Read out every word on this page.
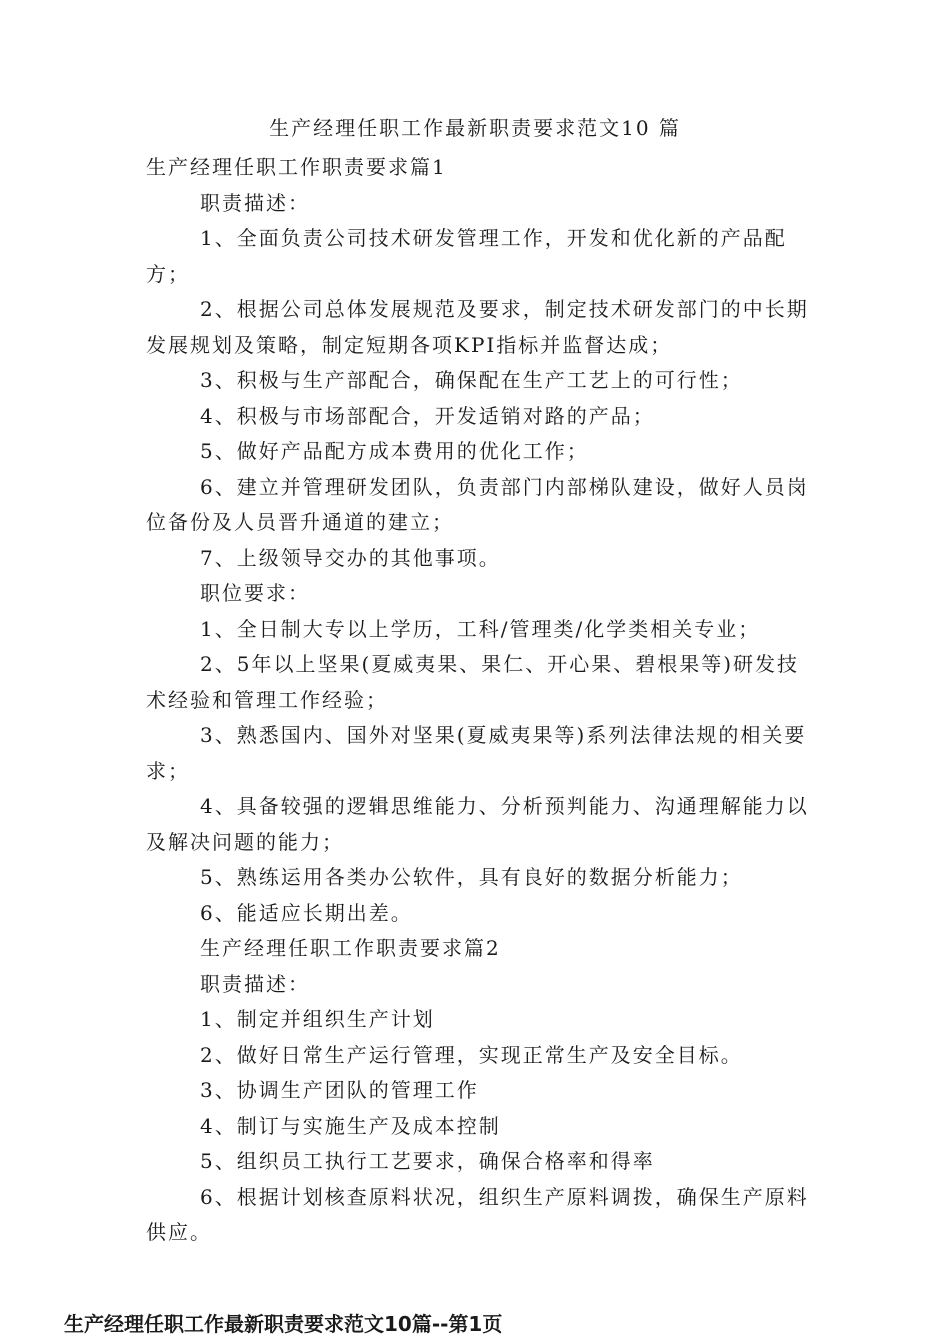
生产经理任职工作最新职责要求范文10 篇

生产经理任职工作职责要求篇1

职责描述：

1、全面负责公司技术研发管理工作，开发和优化新的产品配方；

2、根据公司总体发展规范及要求，制定技术研发部门的中长期发展规划及策略，制定短期各项KPI指标并监督达成；

3、积极与生产部配合，确保配在生产工艺上的可行性；

4、积极与市场部配合，开发适销对路的产品；

5、做好产品配方成本费用的优化工作；

6、建立并管理研发团队，负责部门内部梯队建设，做好人员岗位备份及人员晋升通道的建立；

7、上级领导交办的其他事项。

职位要求：

1、全日制大专以上学历，工科/管理类/化学类相关专业；

2、5年以上坚果(夏威夷果、果仁、开心果、碧根果等)研发技术经验和管理工作经验；

3、熟悉国内、国外对坚果(夏威夷果等)系列法律法规的相关要求；

4、具备较强的逻辑思维能力、分析预判能力、沟通理解能力以及解决问题的能力；

5、熟练运用各类办公软件，具有良好的数据分析能力；

6、能适应长期出差。

生产经理任职工作职责要求篇2

职责描述：

1、制定并组织生产计划

2、做好日常生产运行管理，实现正常生产及安全目标。

3、协调生产团队的管理工作

4、制订与实施生产及成本控制

5、组织员工执行工艺要求，确保合格率和得率

6、根据计划核查原料状况，组织生产原料调拨，确保生产原料供应。

生产经理任职工作最新职责要求范文10篇--第1页
